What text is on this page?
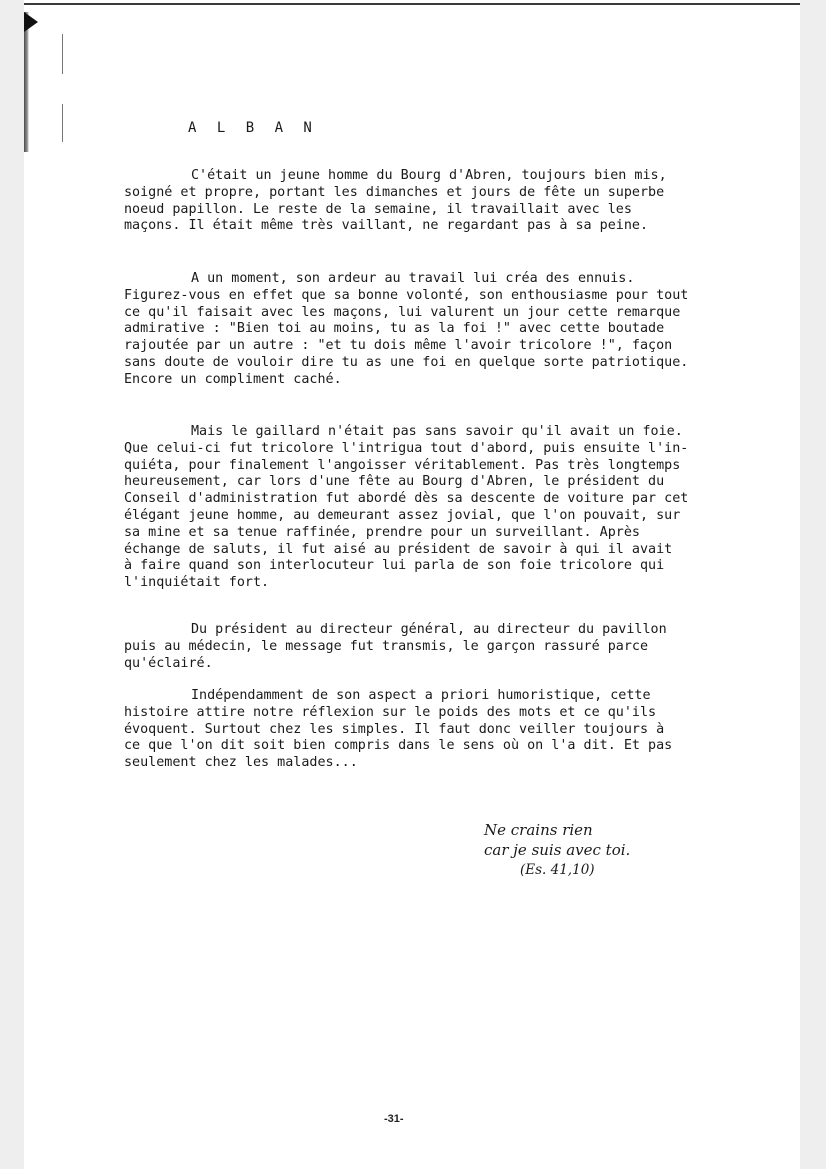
A L B A N

C'était un jeune homme du Bourg d'Abren, toujours bien mis,
soigné et propre, portant les dimanches et jours de fête un superbe
noeud papillon. Le reste de la semaine, il travaillait avec les
maçons. Il était même très vaillant, ne regardant pas à sa peine.

A un moment, son ardeur au travail lui créa des ennuis.
Figurez-vous en effet que sa bonne volonté, son enthousiasme pour tout
ce qu'il faisait avec les maçons, lui valurent un jour cette remarque
admirative : "Bien toi au moins, tu as la foi !" avec cette boutade
rajoutée par un autre : "et tu dois même l'avoir tricolore !", façon
sans doute de vouloir dire tu as une foi en quelque sorte patriotique.
Encore un compliment caché.

Mais le gaillard n'était pas sans savoir qu'il avait un foie.
Que celui-ci fut tricolore l'intrigua tout d'abord, puis ensuite l'in-
quiéta, pour finalement l'angoisser véritablement. Pas très longtemps
heureusement, car lors d'une fête au Bourg d'Abren, le président du
Conseil d'administration fut abordé dès sa descente de voiture par cet
élégant jeune homme, au demeurant assez jovial, que l'on pouvait, sur
sa mine et sa tenue raffinée, prendre pour un surveillant. Après
échange de saluts, il fut aisé au président de savoir à qui il avait
à faire quand son interlocuteur lui parla de son foie tricolore qui
l'inquiétait fort.

Du président au directeur général, au directeur du pavillon
puis au médecin, le message fut transmis, le garçon rassuré parce
qu'éclairé.

Indépendamment de son aspect a priori humoristique, cette
histoire attire notre réflexion sur le poids des mots et ce qu'ils
évoquent. Surtout chez les simples. Il faut donc veiller toujours à
ce que l'on dit soit bien compris dans le sens où on l'a dit. Et pas
seulement chez les malades...

Ne crains rien
car je suis avec toi.
(Es. 41,10)
-31-
